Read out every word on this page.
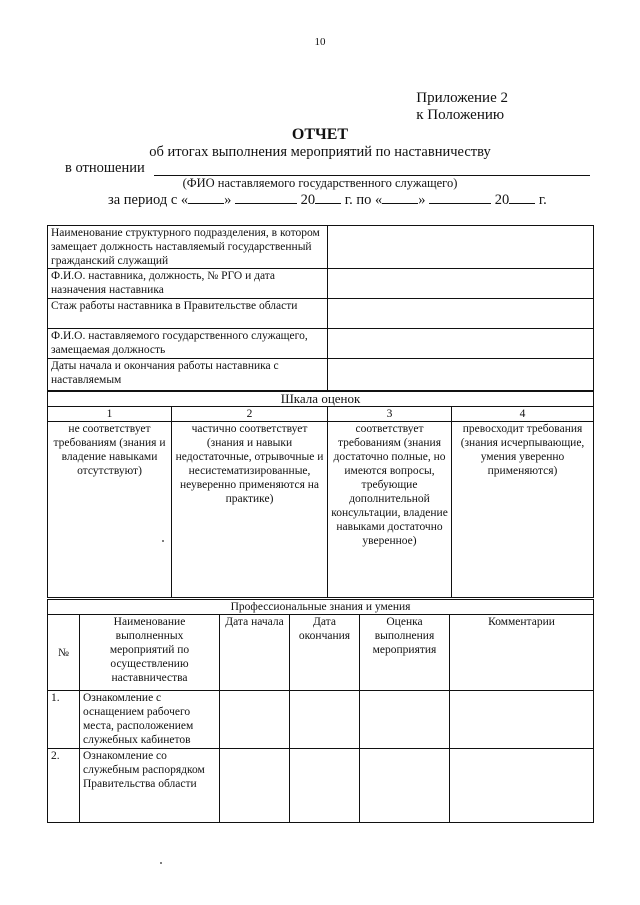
10
Приложение 2
к Положению
ОТЧЕТ
об итогах выполнения мероприятий по наставничеству
в отношении
(ФИО наставляемого государственного служащего)
за период с « »	20 г. по « »	20 г.
Наименование структурного подразделения, в котором замещает должность наставляемый государственный гражданский служащий	
Ф.И.О. наставника, должность, № РГО и дата назначения наставника	
Стаж работы наставника в Правительстве области	
Ф.И.О. наставляемого государственного служащего, замещаемая должность	
Даты начала и окончания работы наставника с наставляемым	
Шкала оценок			
1	2	3	4
не соответствует требованиям (знания и владение навыками отсутствуют)	частично соответствует (знания и навыки недостаточные, отрывочные и несистематизированные, неуверенно применяются на практике)	соответствует требованиям (знания достаточно полные, но имеются вопросы, требующие дополнительной консультации, владение навыками достаточно уверенное)	превосходит требования (знания исчерпывающие, умения уверенно применяются)
Профессиональные знания и умения					
№	Наименование выполненных мероприятий по осуществлению наставничества	Дата начала	Дата окончания	Оценка выполнения мероприятия	Комментарии
1.	Ознакомление с оснащением рабочего места, расположением служебных кабинетов				
2.	Ознакомление со служебным распорядком Правительства области				
